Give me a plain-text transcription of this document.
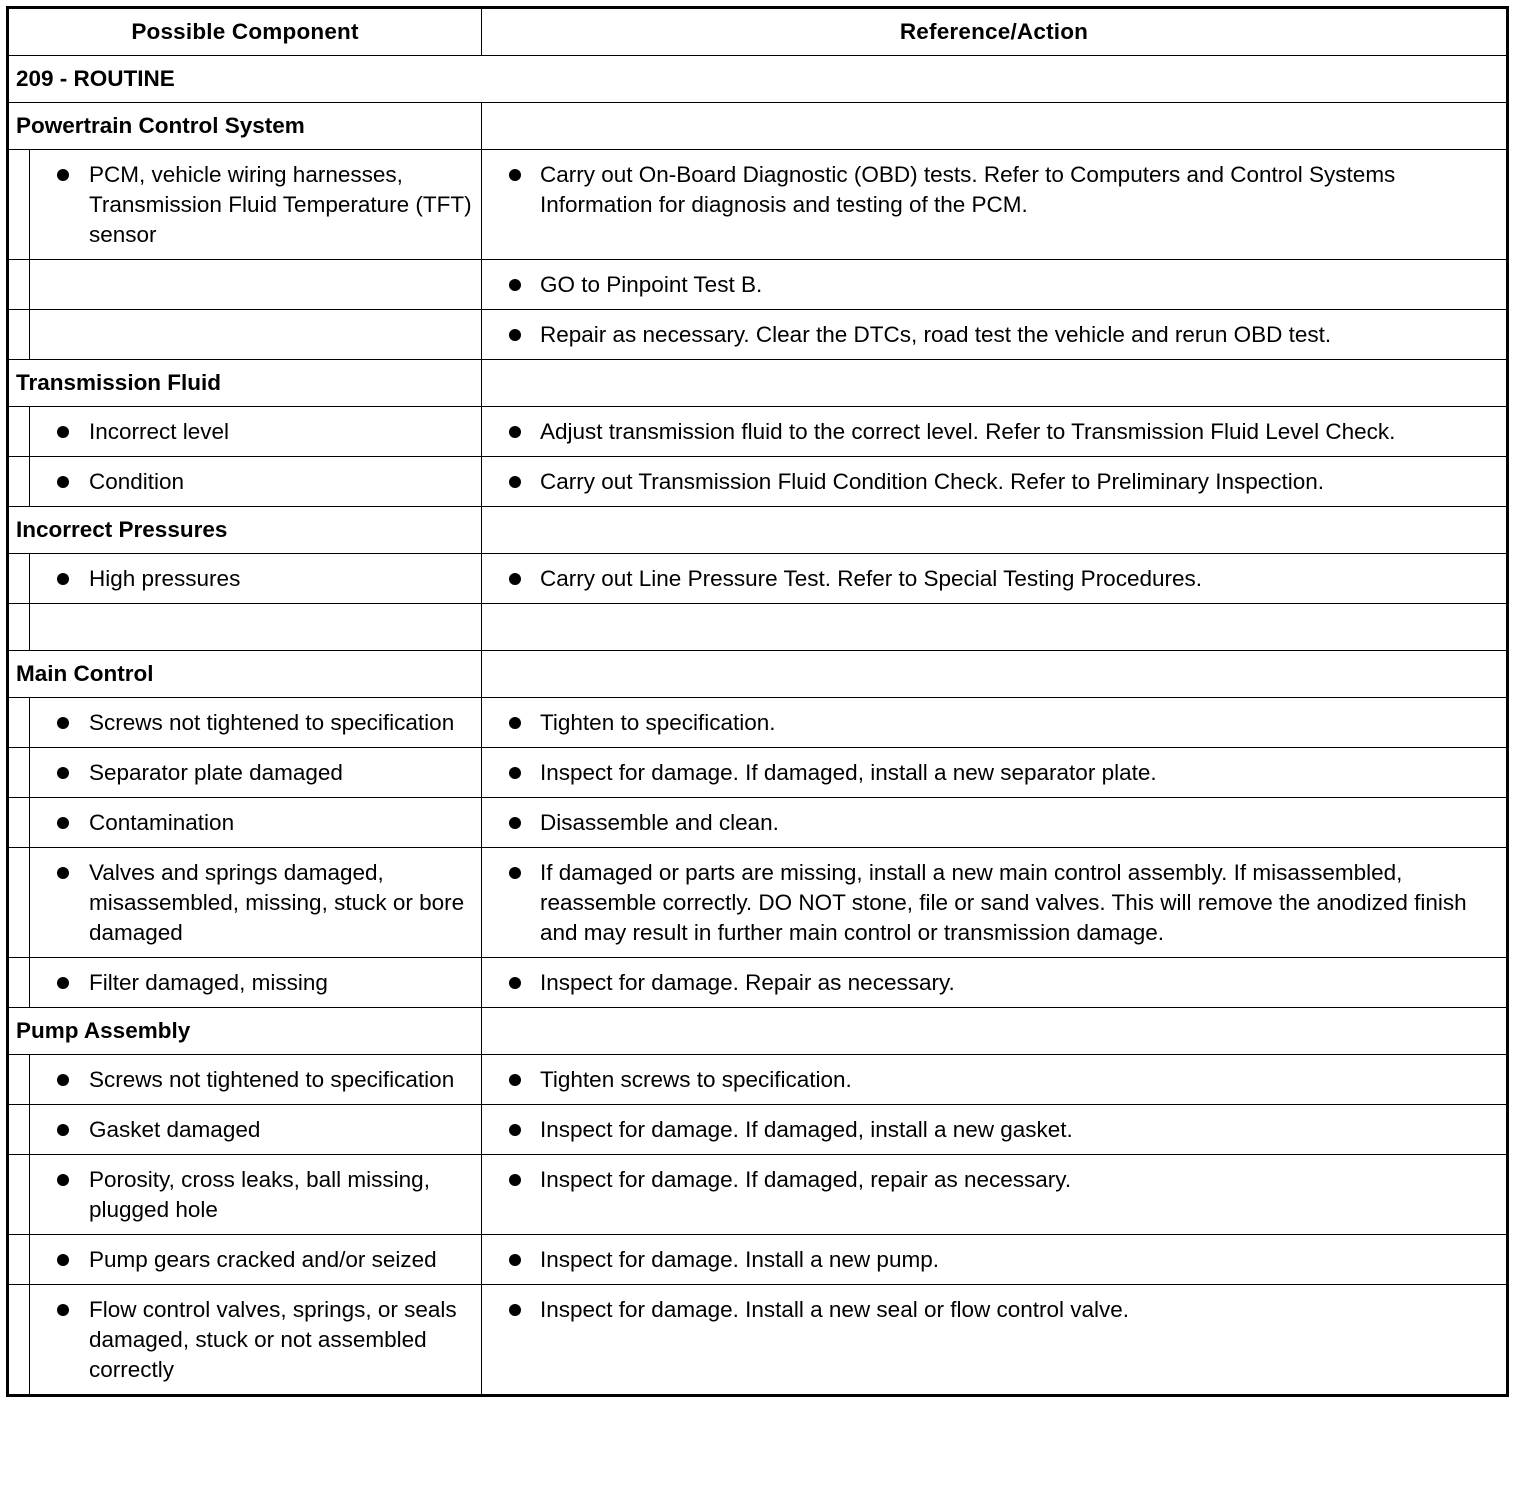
Possible Component		Reference/Action
209 - ROUTINE		
Powertrain Control System		

	PCM, vehicle wiring harnesses, Transmission Fluid Temperature (TFT) sensor	Carry out On-Board Diagnostic (OBD) tests. Refer to Computers and Control Systems Information for diagnosis and testing of the PCM.

		GO to Pinpoint Test B.

		Repair as necessary. Clear the DTCs, road test the vehicle and rerun OBD test.

Transmission Fluid		

	Incorrect level	Adjust transmission fluid to the correct level. Refer to Transmission Fluid Level Check.

	Condition	Carry out Transmission Fluid Condition Check. Refer to Preliminary Inspection.

Incorrect Pressures		

	High pressures	Carry out Line Pressure Test. Refer to Special Testing Procedures.

Main Control		

	Screws not tightened to specification	Tighten to specification.

	Separator plate damaged	Inspect for damage. If damaged, install a new separator plate.

	Contamination	Disassemble and clean.

	Valves and springs damaged, misassembled, missing, stuck or bore damaged	If damaged or parts are missing, install a new main control assembly. If misassembled, reassemble correctly. DO NOT stone, file or sand valves. This will remove the anodized finish and may result in further main control or transmission damage.

	Filter damaged, missing	Inspect for damage. Repair as necessary.

Pump Assembly		

	Screws not tightened to specification	Tighten screws to specification.

	Gasket damaged	Inspect for damage. If damaged, install a new gasket.

	Porosity, cross leaks, ball missing, plugged hole	Inspect for damage. If damaged, repair as necessary.

	Pump gears cracked and/or seized	Inspect for damage. Install a new pump.

	Flow control valves, springs, or seals damaged, stuck or not assembled correctly	Inspect for damage. Install a new seal or flow control valve.
